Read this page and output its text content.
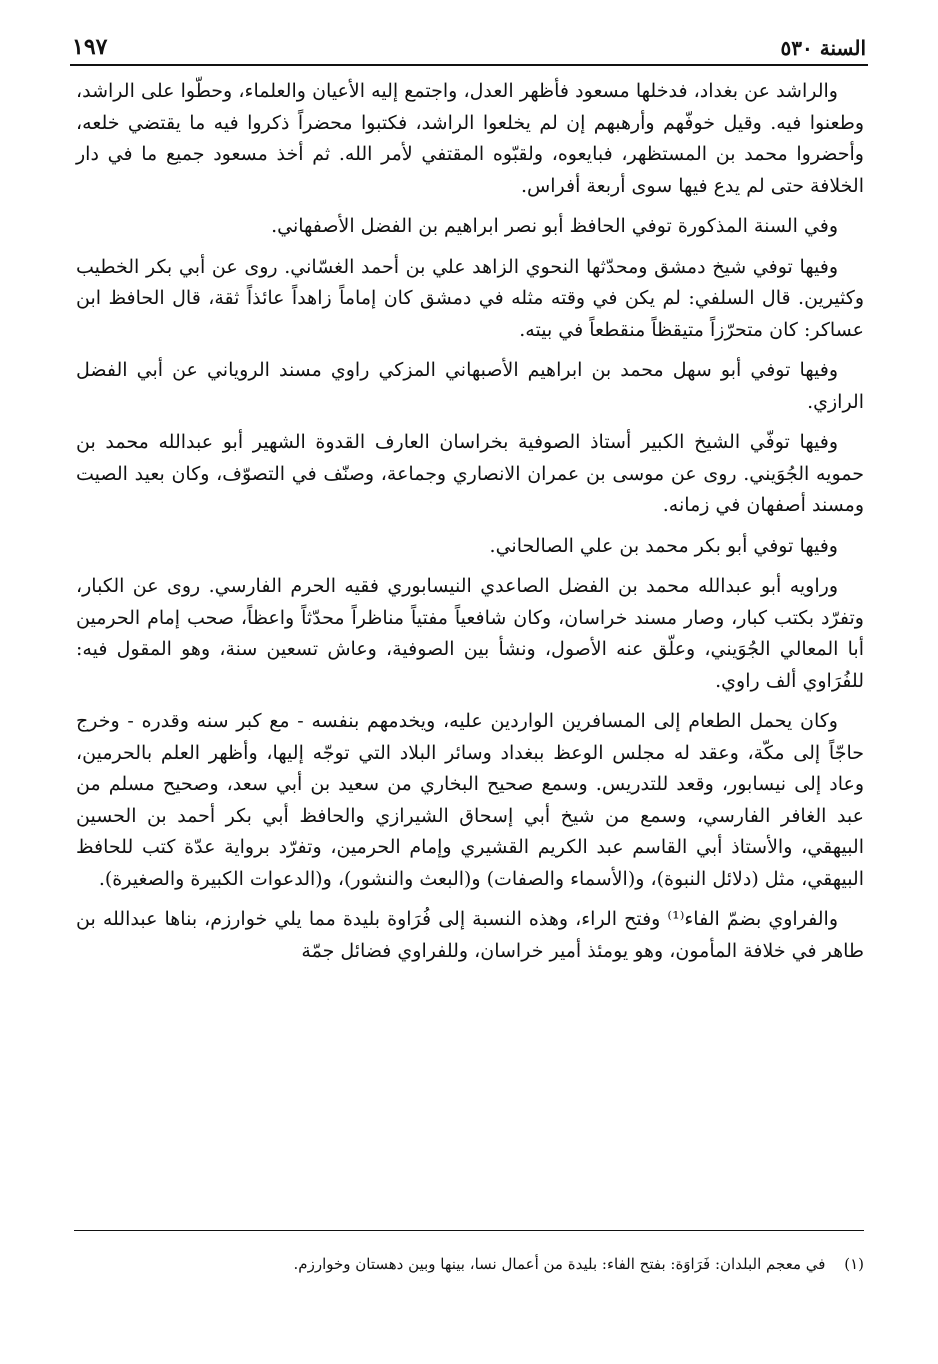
السنة ٥٣٠
١٩٧

والراشد عن بغداد، فدخلها مسعود فأظهر العدل، واجتمع إليه الأعيان والعلماء، وحطّوا على الراشد، وطعنوا فيه. وقيل خوفّهم وأرهبهم إن لم يخلعوا الراشد، فكتبوا محضراً ذكروا فيه ما يقتضي خلعه، وأحضروا محمد بن المستظهر، فبايعوه، ولقبّوه المقتفي لأمر الله. ثم أخذ مسعود جميع ما في دار الخلافة حتى لم يدع فيها سوى أربعة أفراس.

وفي السنة المذكورة توفي الحافظ أبو نصر ابراهيم بن الفضل الأصفهاني.

وفيها توفي شيخ دمشق ومحدّثها النحوي الزاهد علي بن أحمد الغسّاني. روى عن أبي بكر الخطيب وكثيرين. قال السلفي: لم يكن في وقته مثله في دمشق كان إماماً زاهداً عائذاً ثقة، قال الحافظ ابن عساكر: كان متحرّزاً متيقظاً منقطعاً في بيته.

وفيها توفي أبو سهل محمد بن ابراهيم الأصبهاني المزكي راوي مسند الروياني عن أبي الفضل الرازي.

وفيها توفّي الشيخ الكبير أستاذ الصوفية بخراسان العارف القدوة الشهير أبو عبدالله محمد بن حمويه الجُوَيني. روى عن موسى بن عمران الانصاري وجماعة، وصنّف في التصوّف، وكان بعيد الصيت ومسند أصفهان في زمانه.

وفيها توفي أبو بكر محمد بن علي الصالحاني.

وراويه أبو عبدالله محمد بن الفضل الصاعدي النيسابوري فقيه الحرم الفارسي. روى عن الكبار، وتفرّد بكتب كبار، وصار مسند خراسان، وكان شافعياً مفتياً مناظراً محدّثاً واعظاً، صحب إمام الحرمين أبا المعالي الجُوَيني، وعلّق عنه الأصول، ونشأ بين الصوفية، وعاش تسعين سنة، وهو المقول فيه: للفُرَاوي ألف راوي.

وكان يحمل الطعام إلى المسافرين الواردين عليه، ويخدمهم بنفسه - مع كبر سنه وقدره - وخرج حاجّاً إلى مكّة، وعقد له مجلس الوعظ ببغداد وسائر البلاد التي توجّه إليها، وأظهر العلم بالحرمين، وعاد إلى نيسابور، وقعد للتدريس. وسمع صحيح البخاري من سعيد بن أبي سعد، وصحيح مسلم من عبد الغافر الفارسي، وسمع من شيخ أبي إسحاق الشيرازي والحافظ أبي بكر أحمد بن الحسين البيهقي، والأستاذ أبي القاسم عبد الكريم القشيري وإمام الحرمين، وتفرّد برواية عدّة كتب للحافظ البيهقي، مثل (دلائل النبوة)، و(الأسماء والصفات) و(البعث والنشور)، و(الدعوات الكبيرة والصغيرة).

والفراوي بضمّ الفاء⁽¹⁾ وفتح الراء، وهذه النسبة إلى فُرَاوة بليدة مما يلي خوارزم، بناها عبدالله بن طاهر في خلافة المأمون، وهو يومئذ أمير خراسان، وللفراوي فضائل جمّة

(١) في معجم البلدان: فَرَاوَة: بفتح الفاء: بليدة من أعمال نسا، بينها وبين دهستان وخوارزم.
